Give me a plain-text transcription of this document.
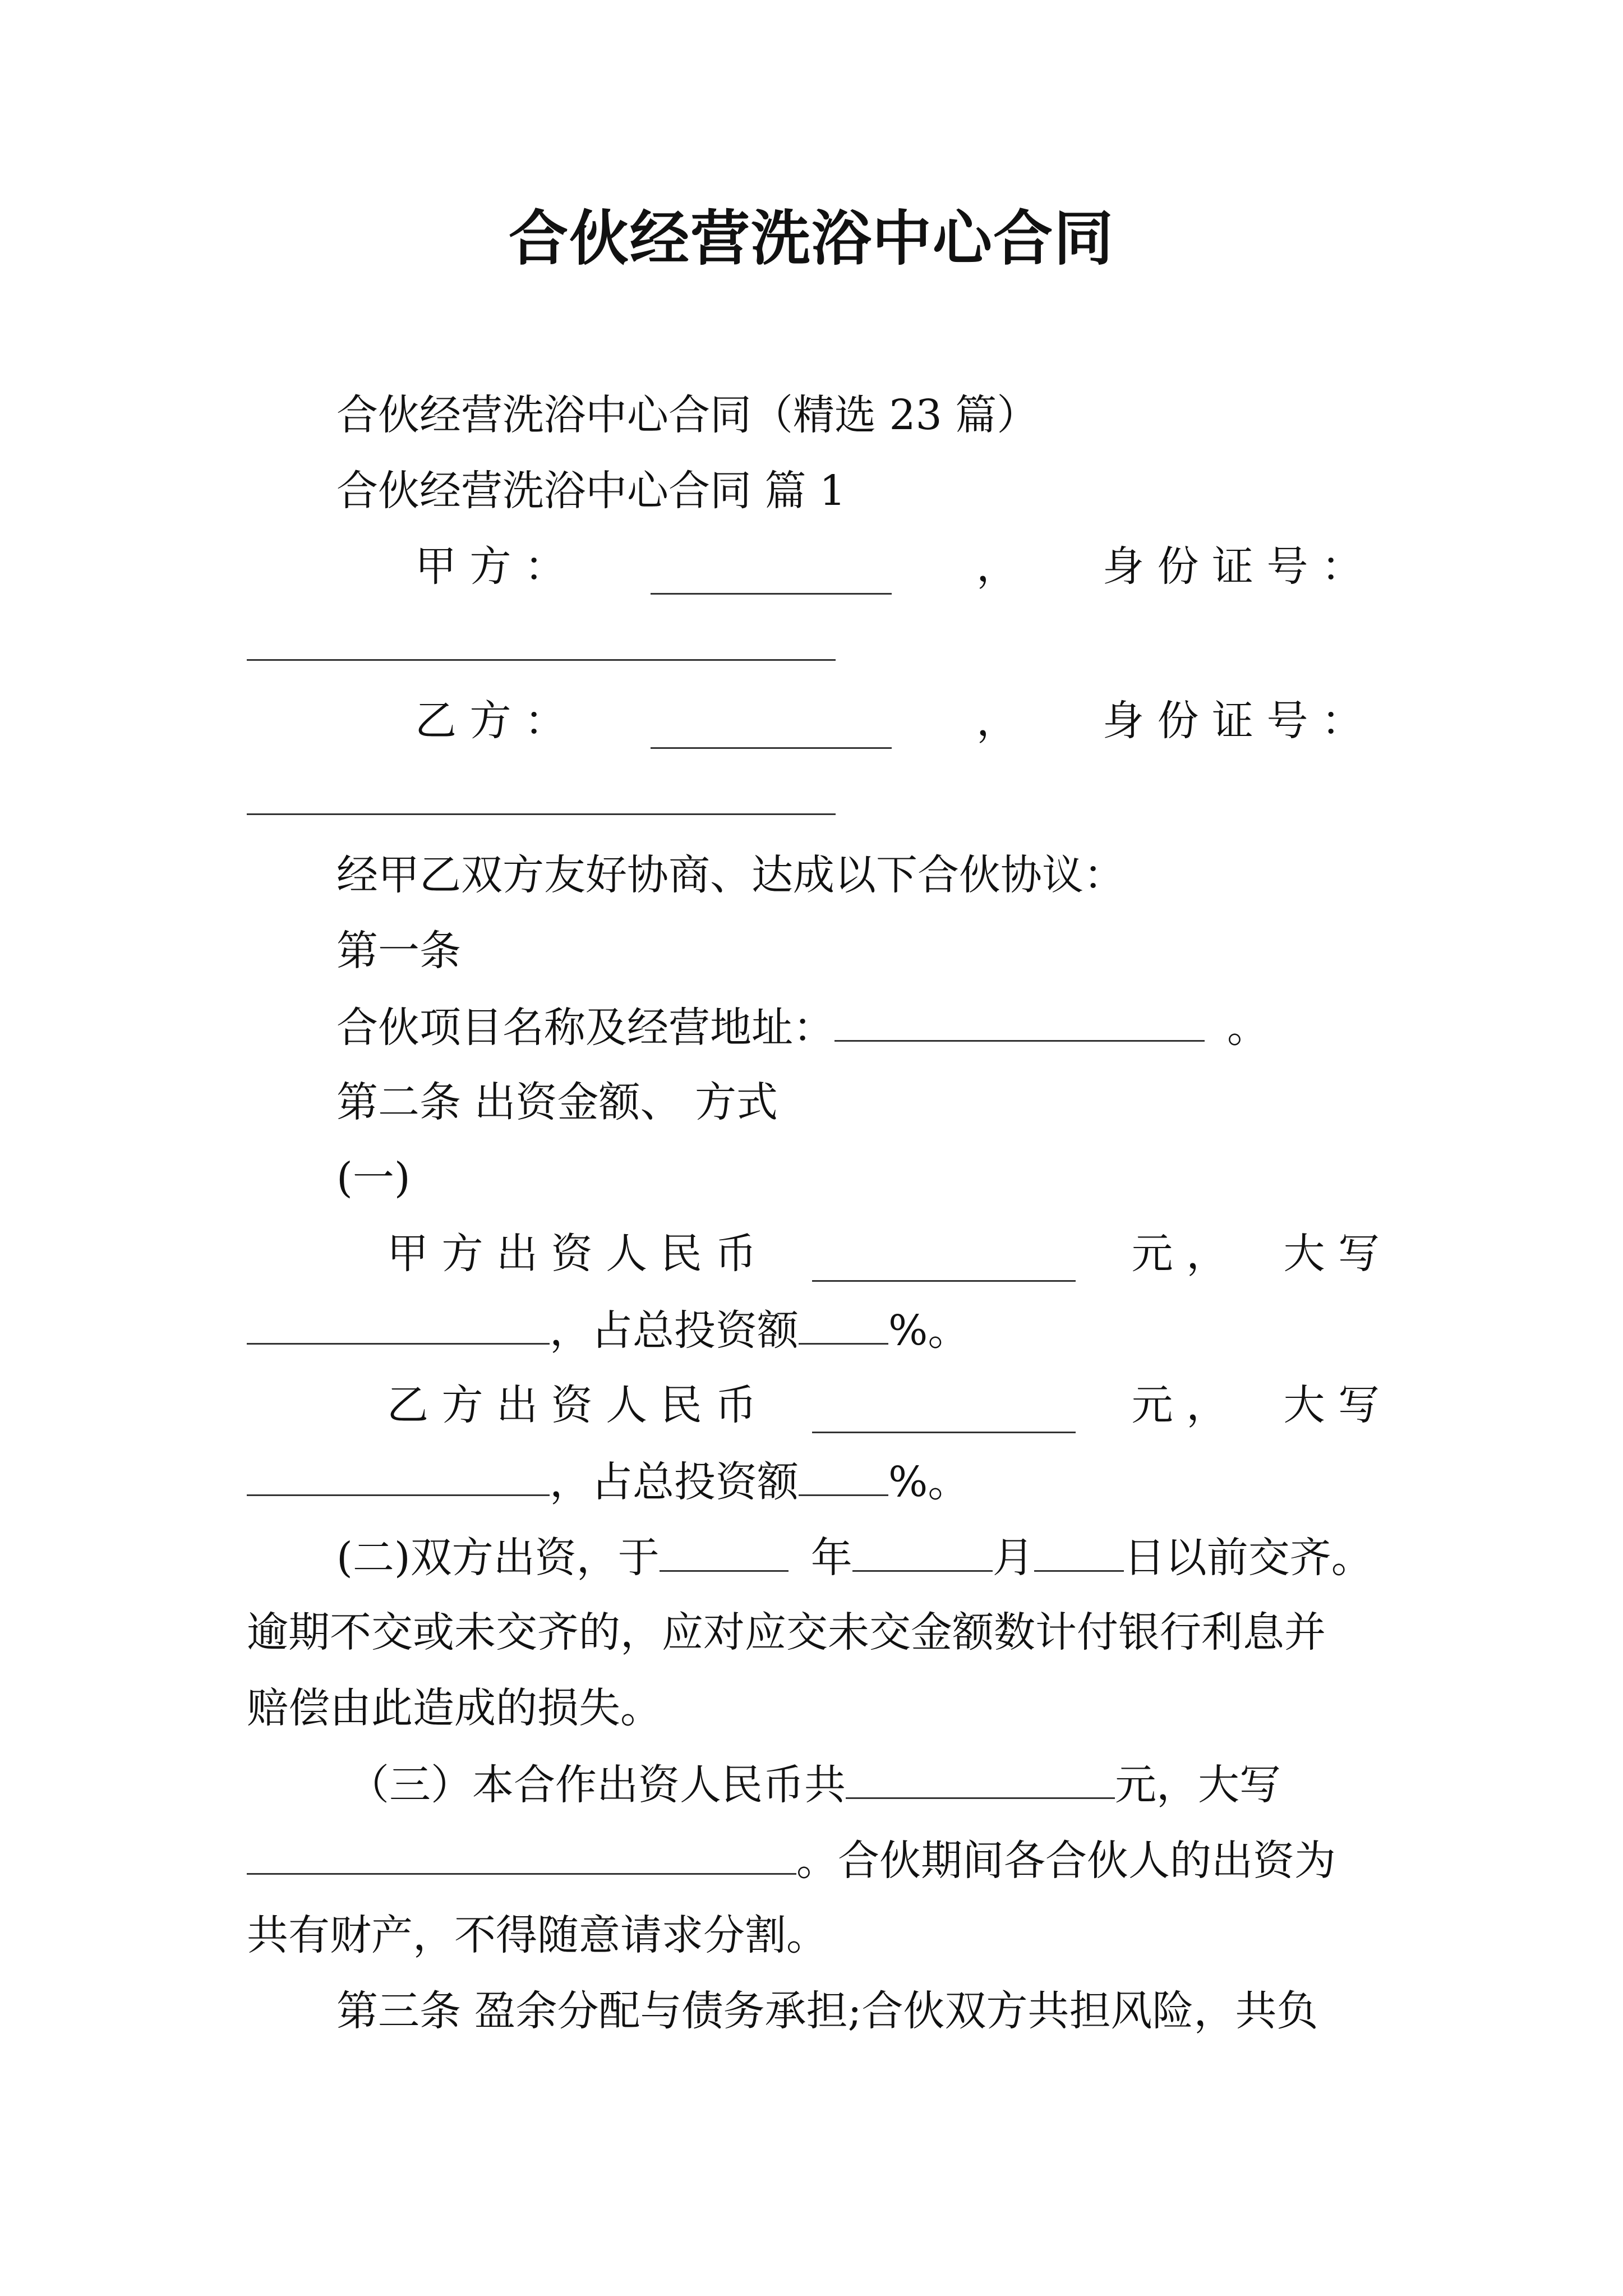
合伙经营洗浴中心合同

合伙经营洗浴中心合同（精选 23 篇）

合伙经营洗浴中心合同 篇 1

甲 方 ：	， 身 份 证 号 ：
乙 方 ：	， 身 份 证 号 ：

经甲乙双方友好协商、达成以下合伙协议：

第一条

合伙项目名称及经营地址：	。

第二条 出资金额、 方式

(一)

甲 方 出 资 人 民 币	元 ， 大 写

，占总投资额 %。

乙 方 出 资 人 民 币	元 ， 大 写

，占总投资额 %。

(二)双方出资，于	年	月 日以前交齐。

逾期不交或未交齐的，应对应交未交金额数计付银行利息并

赔偿由此造成的损失。

（三）本合作出资人民币共	元，大写

。合伙期间各合伙人的出资为

共有财产，不得随意请求分割。

第三条 盈余分配与债务承担;合伙双方共担风险，共负
